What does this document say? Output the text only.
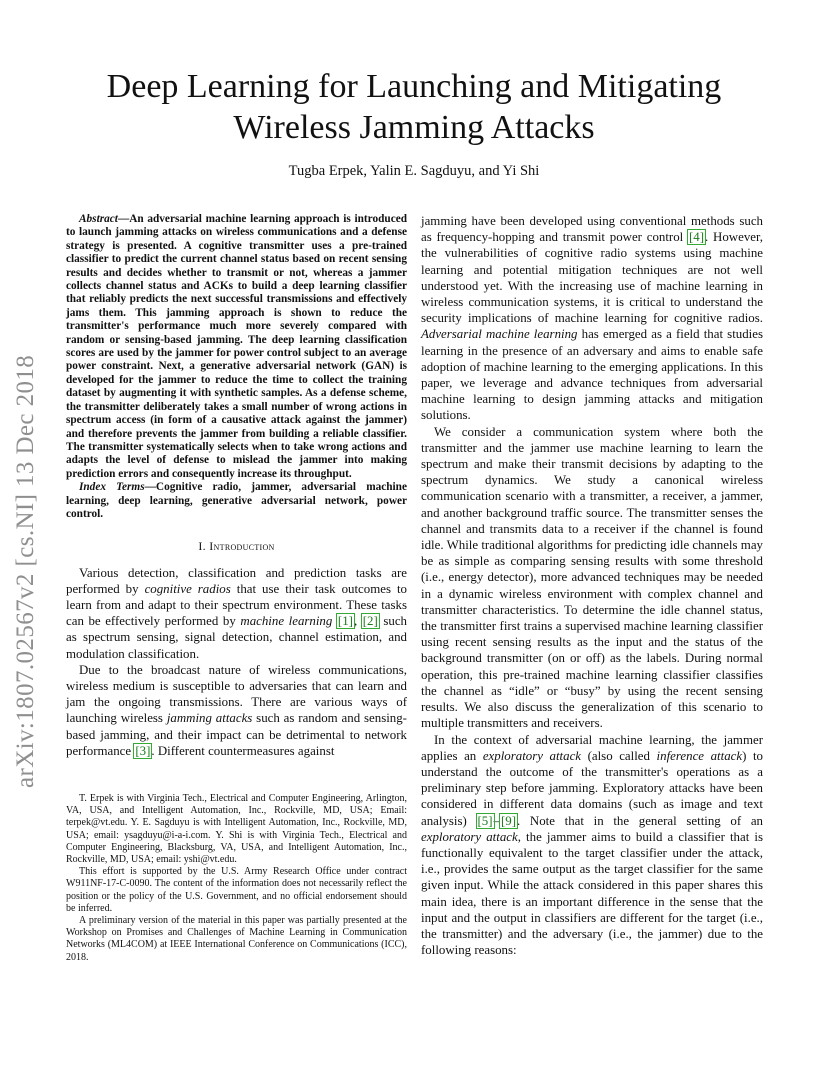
arXiv:1807.02567v2 [cs.NI] 13 Dec 2018
Deep Learning for Launching and Mitigating
Wireless Jamming Attacks
Tugba Erpek, Yalin E. Sagduyu, and Yi Shi
Abstract—An adversarial machine learning approach is introduced to launch jamming attacks on wireless communications and a defense strategy is presented. A cognitive transmitter uses a pre-trained classifier to predict the current channel status based on recent sensing results and decides whether to transmit or not, whereas a jammer collects channel status and ACKs to build a deep learning classifier that reliably predicts the next successful transmissions and effectively jams them. This jamming approach is shown to reduce the transmitter's performance much more severely compared with random or sensing-based jamming. The deep learning classification scores are used by the jammer for power control subject to an average power constraint. Next, a generative adversarial network (GAN) is developed for the jammer to reduce the time to collect the training dataset by augmenting it with synthetic samples. As a defense scheme, the transmitter deliberately takes a small number of wrong actions in spectrum access (in form of a causative attack against the jammer) and therefore prevents the jammer from building a reliable classifier. The transmitter systematically selects when to take wrong actions and adapts the level of defense to mislead the jammer into making prediction errors and consequently increase its throughput.
Index Terms—Cognitive radio, jammer, adversarial machine learning, deep learning, generative adversarial network, power control.
I. Introduction

Various detection, classification and prediction tasks are performed by cognitive radios that use their task outcomes to learn from and adapt to their spectrum environment. These tasks can be effectively performed by machine learning [1], [2] such as spectrum sensing, signal detection, channel estimation, and modulation classification.

Due to the broadcast nature of wireless communications, wireless medium is susceptible to adversaries that can learn and jam the ongoing transmissions. There are various ways of launching wireless jamming attacks such as random and sensing-based jamming, and their impact can be detrimental to network performance [3]. Different countermeasures against

T. Erpek is with Virginia Tech., Electrical and Computer Engineering, Arlington, VA, USA, and Intelligent Automation, Inc., Rockville, MD, USA; Email: terpek@vt.edu. Y. E. Sagduyu is with Intelligent Automation, Inc., Rockville, MD, USA; email: ysagduyu@i-a-i.com. Y. Shi is with Virginia Tech., Electrical and Computer Engineering, Blacksburg, VA, USA, and Intelligent Automation, Inc., Rockville, MD, USA; email: yshi@vt.edu.

This effort is supported by the U.S. Army Research Office under contract W911NF-17-C-0090. The content of the information does not necessarily reflect the position or the policy of the U.S. Government, and no official endorsement should be inferred.

A preliminary version of the material in this paper was partially presented at the Workshop on Promises and Challenges of Machine Learning in Communication Networks (ML4COM) at IEEE International Conference on Communications (ICC), 2018.

jamming have been developed using conventional methods such as frequency-hopping and transmit power control [4]. However, the vulnerabilities of cognitive radio systems using machine learning and potential mitigation techniques are not well understood yet. With the increasing use of machine learning in wireless communication systems, it is critical to understand the security implications of machine learning for cognitive radios. Adversarial machine learning has emerged as a field that studies learning in the presence of an adversary and aims to enable safe adoption of machine learning to the emerging applications. In this paper, we leverage and advance techniques from adversarial machine learning to design jamming attacks and mitigation solutions.

We consider a communication system where both the transmitter and the jammer use machine learning to learn the spectrum and make their transmit decisions by adapting to the spectrum dynamics. We study a canonical wireless communication scenario with a transmitter, a receiver, a jammer, and another background traffic source. The transmitter senses the channel and transmits data to a receiver if the channel is found idle. While traditional algorithms for predicting idle channels may be as simple as comparing sensing results with some threshold (i.e., energy detector), more advanced techniques may be needed in a dynamic wireless environment with complex channel and transmitter characteristics. To determine the idle channel status, the transmitter first trains a supervised machine learning classifier using recent sensing results as the input and the status of the background transmitter (on or off) as the labels. During normal operation, this pre-trained machine learning classifier classifies the channel as “idle” or “busy” by using the recent sensing results. We also discuss the generalization of this scenario to multiple transmitters and receivers.

In the context of adversarial machine learning, the jammer applies an exploratory attack (also called inference attack) to understand the outcome of the transmitter's operations as a preliminary step before jamming. Exploratory attacks have been considered in different data domains (such as image and text analysis) [5]–[9]. Note that in the general setting of an exploratory attack, the jammer aims to build a classifier that is functionally equivalent to the target classifier under the attack, i.e., provides the same output as the target classifier for the same given input. While the attack considered in this paper shares this main idea, there is an important difference in the sense that the input and the output in classifiers are different for the target (i.e., the transmitter) and the adversary (i.e., the jammer) due to the following reasons:
